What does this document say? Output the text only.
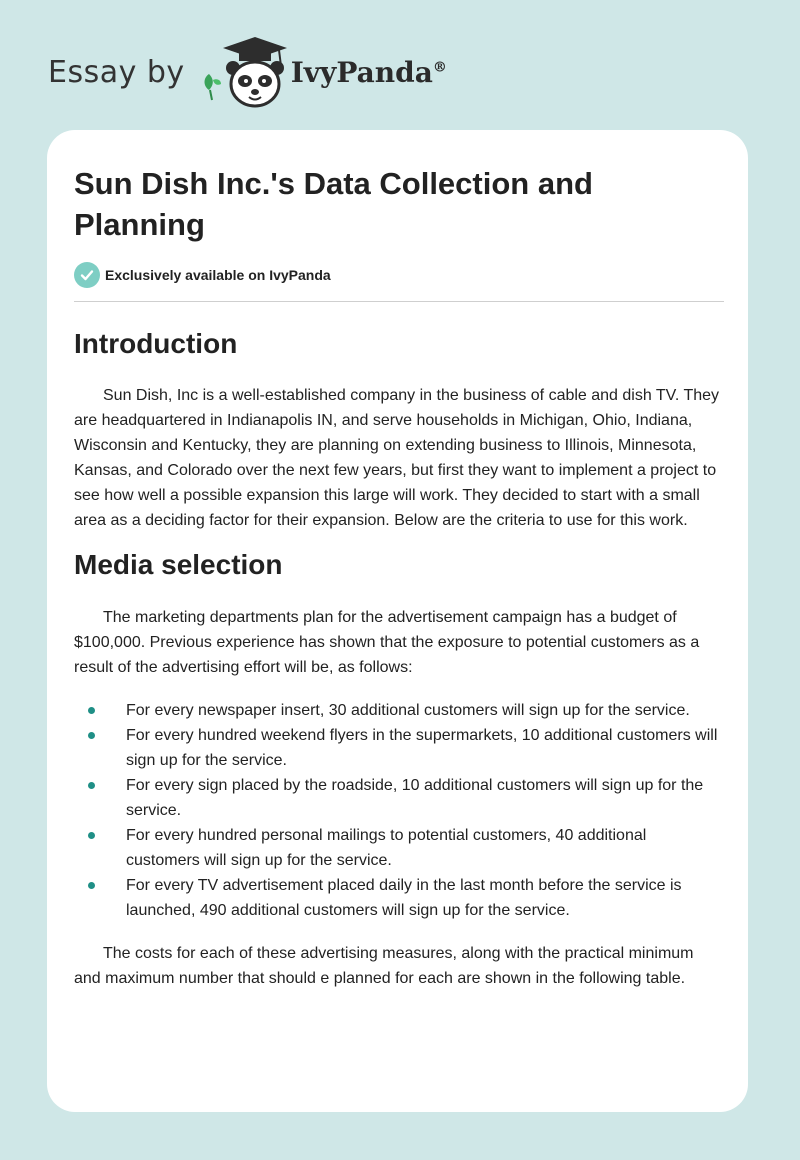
Essay by	IvyPanda®
Sun Dish Inc.'s Data Collection and Planning
Exclusively available on IvyPanda
Introduction

Sun Dish, Inc is a well-established company in the business of cable and dish TV. They are headquartered in Indianapolis IN, and serve households in Michigan, Ohio, Indiana, Wisconsin and Kentucky, they are planning on extending business to Illinois, Minnesota, Kansas, and Colorado over the next few years, but first they want to implement a project to see how well a possible expansion this large will work. They decided to start with a small area as a deciding factor for their expansion. Below are the criteria to use for this work.

Media selection

The marketing departments plan for the advertisement campaign has a budget of $100,000. Previous experience has shown that the exposure to potential customers as a result of the advertising effort will be, as follows:

For every newspaper insert, 30 additional customers will sign up for the service.
For every hundred weekend flyers in the supermarkets, 10 additional customers will sign up for the service.
For every sign placed by the roadside, 10 additional customers will sign up for the service.
For every hundred personal mailings to potential customers, 40 additional customers will sign up for the service.
For every TV advertisement placed daily in the last month before the service is launched, 490 additional customers will sign up for the service.

The costs for each of these advertising measures, along with the practical minimum and maximum number that should e planned for each are shown in the following table.
